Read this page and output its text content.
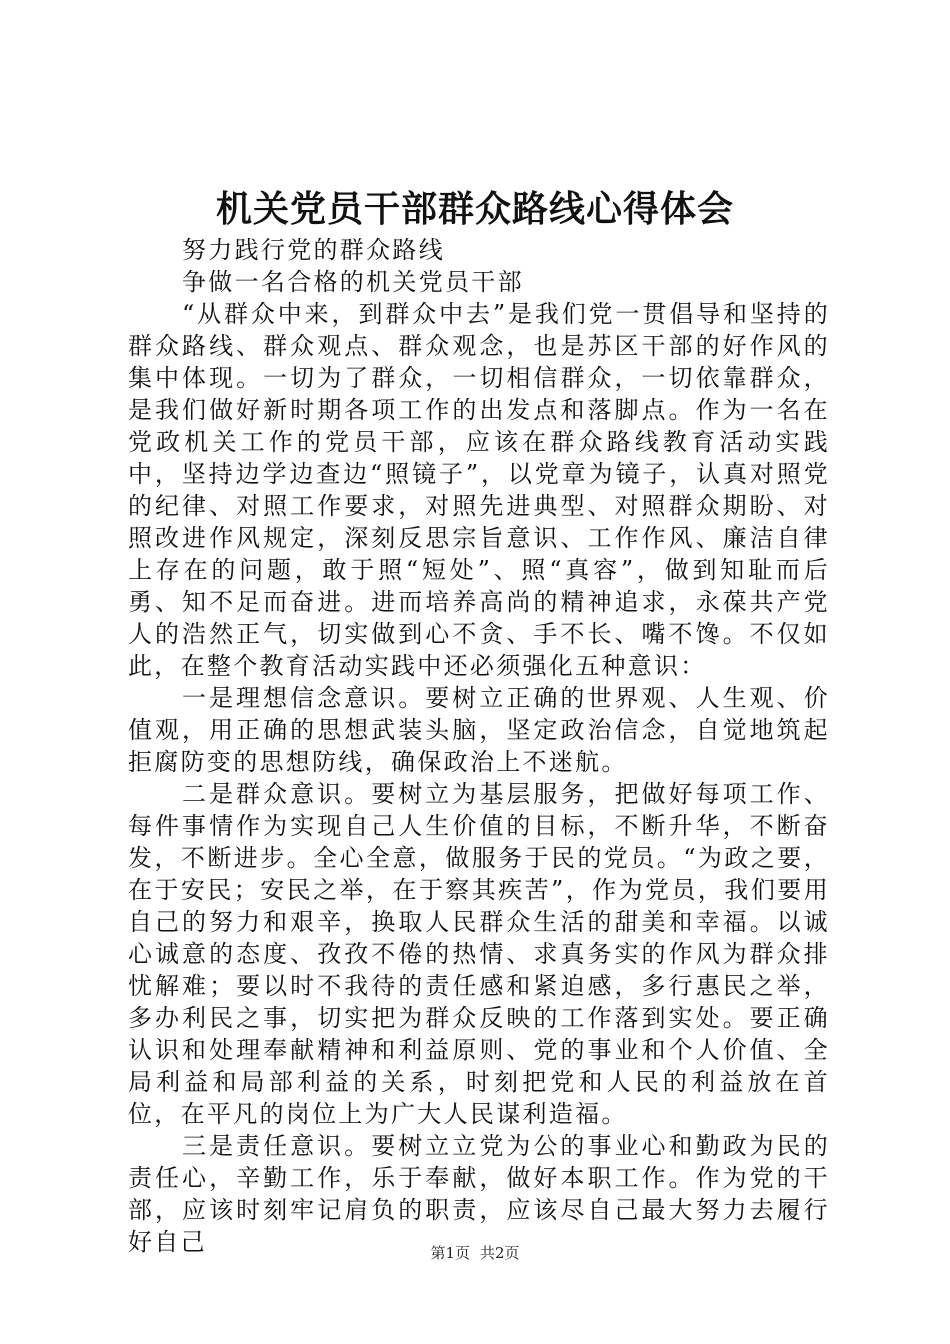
机关党员干部群众路线心得体会

努力践行党的群众路线

争做一名合格的机关党员干部

“从群众中来，到群众中去”是我们党一贯倡导和坚持的群众路线、群众观点、群众观念，也是苏区干部的好作风的集中体现。一切为了群众，一切相信群众，一切依靠群众，是我们做好新时期各项工作的出发点和落脚点。作为一名在党政机关工作的党员干部，应该在群众路线教育活动实践中，坚持边学边查边“照镜子”，以党章为镜子，认真对照党的纪律、对照工作要求，对照先进典型、对照群众期盼、对照改进作风规定，深刻反思宗旨意识、工作作风、廉洁自律上存在的问题，敢于照“短处”、照“真容”，做到知耻而后勇、知不足而奋进。进而培养高尚的精神追求，永葆共产党人的浩然正气，切实做到心不贪、手不长、嘴不馋。不仅如此，在整个教育活动实践中还必须强化五种意识：

一是理想信念意识。要树立正确的世界观、人生观、价值观，用正确的思想武装头脑，坚定政治信念，自觉地筑起拒腐防变的思想防线，确保政治上不迷航。

二是群众意识。要树立为基层服务，把做好每项工作、每件事情作为实现自己人生价值的目标，不断升华，不断奋发，不断进步。全心全意，做服务于民的党员。“为政之要，在于安民；安民之举，在于察其疾苦”，作为党员，我们要用自己的努力和艰辛，换取人民群众生活的甜美和幸福。以诚心诚意的态度、孜孜不倦的热情、求真务实的作风为群众排忧解难；要以时不我待的责任感和紧迫感，多行惠民之举，多办利民之事，切实把为群众反映的工作落到实处。要正确认识和处理奉献精神和利益原则、党的事业和个人价值、全局利益和局部利益的关系，时刻把党和人民的利益放在首位，在平凡的岗位上为广大人民谋利造福。

三是责任意识。要树立立党为公的事业心和勤政为民的责任心，辛勤工作，乐于奉献，做好本职工作。作为党的干部，应该时刻牢记肩负的职责，应该尽自己最大努力去履行好自己	第1页 共2页
